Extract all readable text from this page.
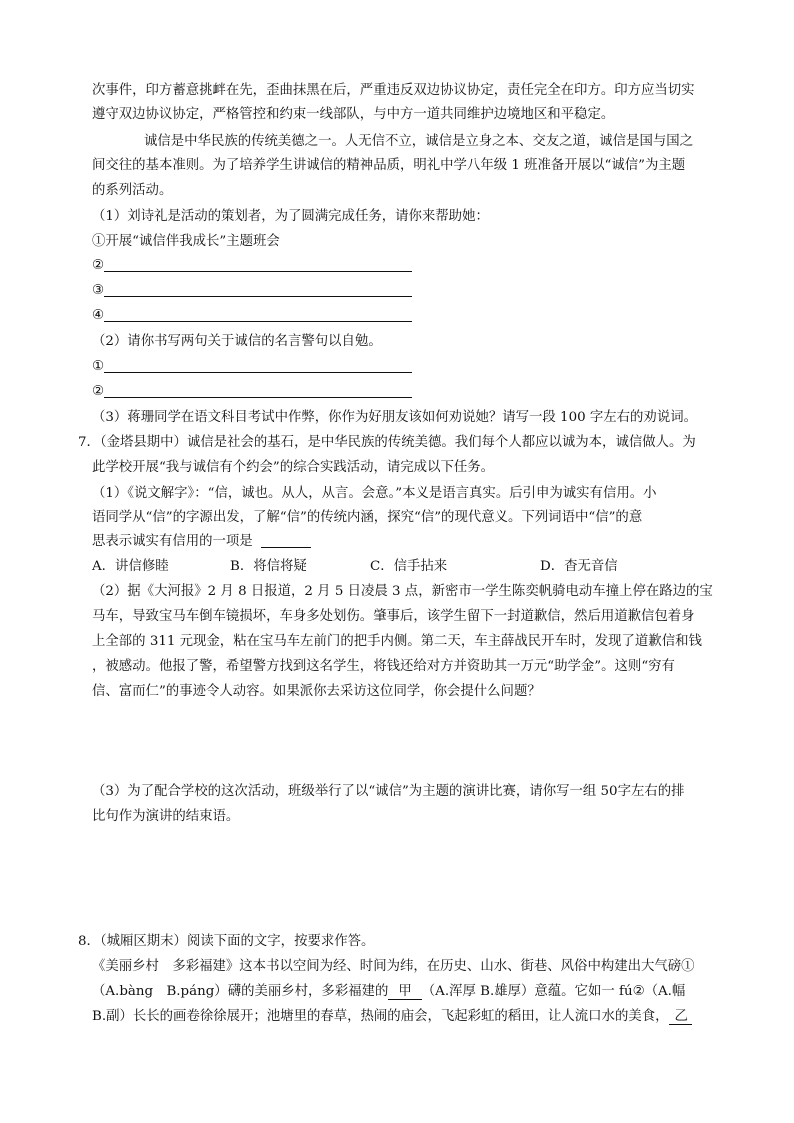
次事件，印方蓄意挑衅在先，歪曲抹黑在后，严重违反双边协议协定，责任完全在印方。印方应当切实
遵守双边协议协定，严格管控和约束一线部队，与中方一道共同维护边境地区和平稳定。
诚信是中华民族的传统美德之一。人无信不立，诚信是立身之本、交友之道，诚信是国与国之
间交往的基本准则。为了培养学生讲诚信的精神品质，明礼中学八年级 1 班准备开展以“诚信”为主题
的系列活动。
（1）刘诗礼是活动的策划者，为了圆满完成任务，请你来帮助她：
①开展“诚信伴我成长”主题班会
②
③
④
（2）请你书写两句关于诚信的名言警句以自勉。
①
②
（3）蒋珊同学在语文科目考试中作弊，你作为好朋友该如何劝说她？请写一段 100 字左右的劝说词。
7．（金塔县期中）诚信是社会的基石，是中华民族的传统美德。我们每个人都应以诚为本，诚信做人。为
此学校开展“我与诚信有个约会”的综合实践活动，请完成以下任务。
（1）《说文解字》：“信，诚也。从人，从言。会意。”本义是语言真实。后引申为诚实有信用。小
语同学从“信”的字源出发，了解“信”的传统内涵，探究“信”的现代意义。下列词语中“信”的意
思表示诚实有信用的一项是
A．讲信修睦	B．将信将疑	C．信手拈来	D．杳无音信
（2）据《大河报》2 月 8 日报道，2 月 5 日凌晨 3 点，新密市一学生陈奕帆骑电动车撞上停在路边的宝
马车，导致宝马车倒车镜损坏，车身多处划伤。肇事后，该学生留下一封道歉信，然后用道歉信包着身
上全部的 311 元现金，粘在宝马车左前门的把手内侧。第二天，车主薛战民开车时，发现了道歉信和钱
，被感动。他报了警，希望警方找到这名学生，将钱还给对方并资助其一万元“助学金”。这则“穷有
信、富而仁”的事迹令人动容。如果派你去采访这位同学，你会提什么问题？
（3）为了配合学校的这次活动，班级举行了以“诚信”为主题的演讲比赛，请你写一组 50字左右的排
比句作为演讲的结束语。
8．（城厢区期末）阅读下面的文字，按要求作答。
《美丽乡村　多彩福建》这本书以空间为经、时间为纬，在历史、山水、街巷、风俗中构建出大气磅①
（A.bàng　B.páng）礴的美丽乡村，多彩福建的 甲 （A.浑厚 B.雄厚）意蕴。它如一 fú②（A.幅
B.副）长长的画卷徐徐展开；池塘里的春草，热闹的庙会，飞起彩虹的稻田，让人流口水的美食， 乙
